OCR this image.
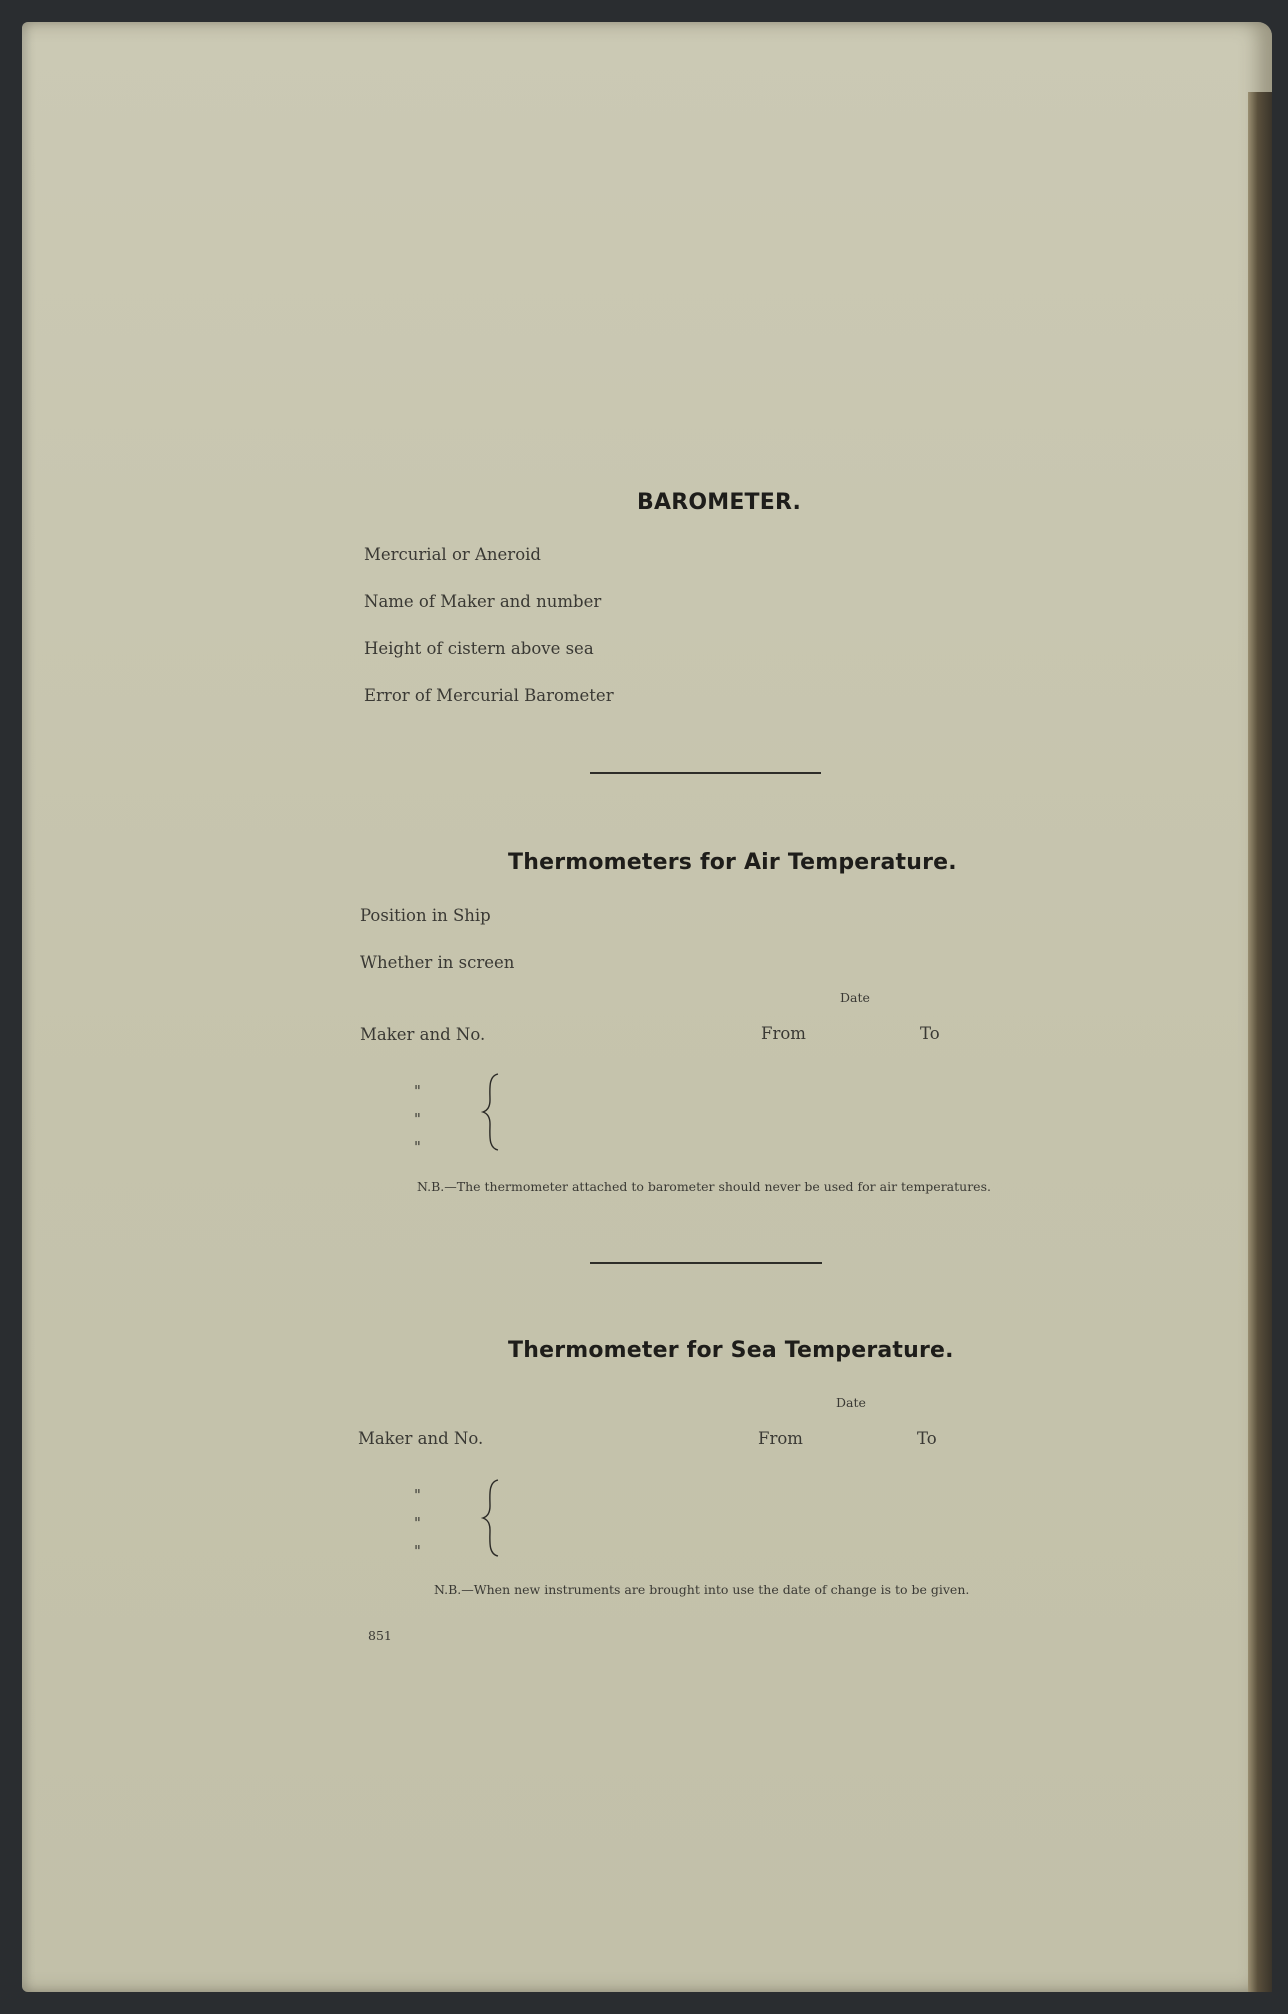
BAROMETER.
Mercurial or Aneroid
Name of Maker and number
Height of cistern above sea
Error of Mercurial Barometer
Thermometers for Air Temperature.
Position in Ship
Whether in screen
Date
Maker and No.	From	To
"
"
"
N.B.—The thermometer attached to barometer should never be used for air temperatures.
Thermometer for Sea Temperature.
Date
Maker and No.	From	To
"
"
"
N.B.—When new instruments are brought into use the date of change is to be given.
851
